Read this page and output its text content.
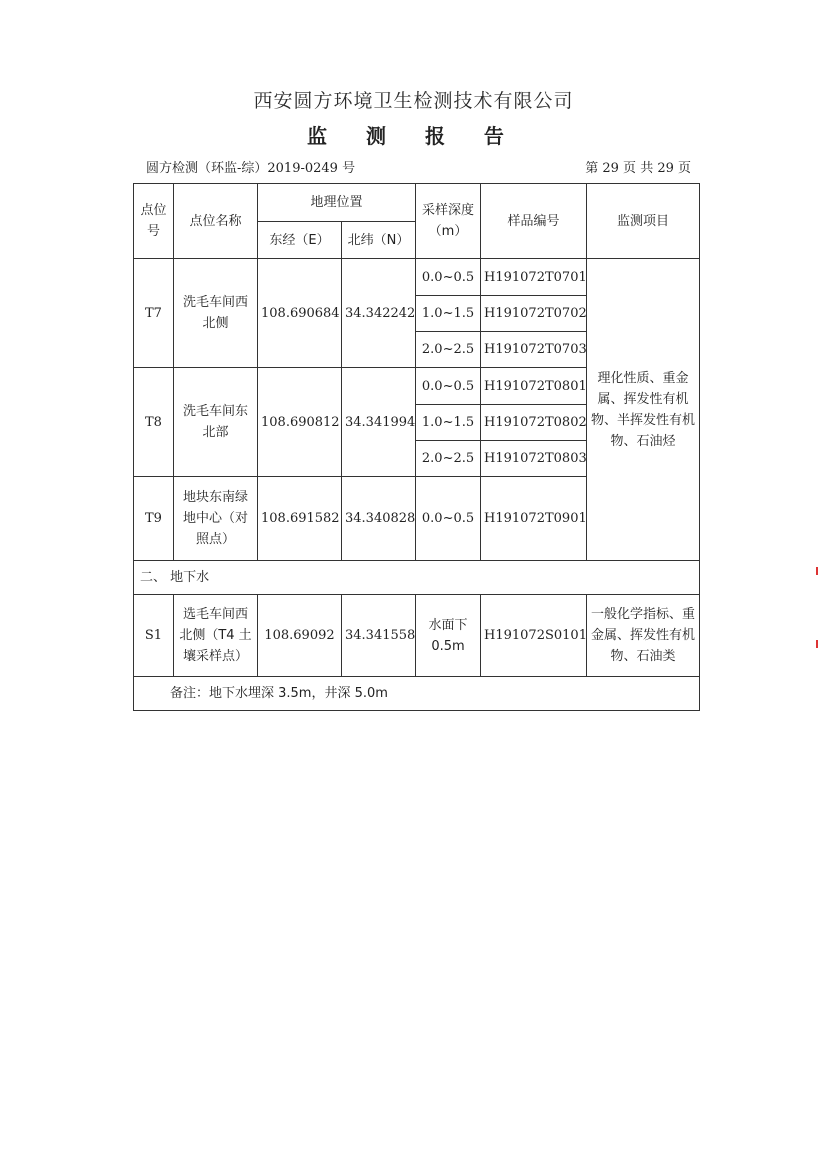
西安圆方环境卫生检测技术有限公司
监 测 报 告
圆方检测（环监-综）2019-0249 号	第 29 页 共 29 页
点位号	点位名称	地理位置		采样深度（m）	样品编号	监测项目
		东经（E）	北纬（N）			
T7	洗毛车间西北侧	108.690684	34.342242	0.0~0.5	H191072T0701	理化性质、重金属、挥发性有机物、半挥发性有机物、石油烃
				1.0~1.5	H191072T0702	
				2.0~2.5	H191072T0703	
T8	洗毛车间东北部	108.690812	34.341994	0.0~0.5	H191072T0801	
				1.0~1.5	H191072T0802	
				2.0~2.5	H191072T0803	
T9	地块东南绿地中心（对照点）	108.691582	34.340828	0.0~0.5	H191072T0901	
二、 地下水						
S1	选毛车间西北侧（T4 土壤采样点）	108.69092	34.341558	水面下0.5m	H191072S0101	一般化学指标、重金属、挥发性有机物、石油类
备注：地下水埋深 3.5m，井深 5.0m						
